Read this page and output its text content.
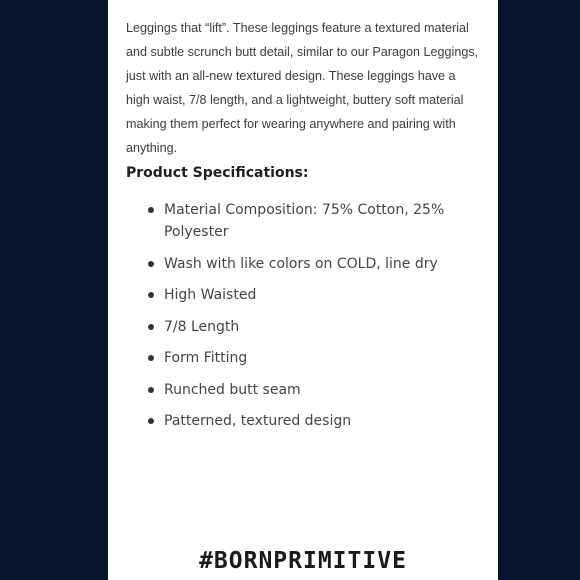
Leggings that “lift”. These leggings feature a textured material and subtle scrunch butt detail, similar to our Paragon Leggings, just with an all-new textured design. These leggings have a high waist, 7/8 length, and a lightweight, buttery soft material making them perfect for wearing anywhere and pairing with anything.

Product Specifications:
Material Composition: 75% Cotton, 25% Polyester
Wash with like colors on COLD, line dry
High Waisted
7/8 Length
Form Fitting
Runched butt seam
Patterned, textured design
#BORNPRIMITIVE
